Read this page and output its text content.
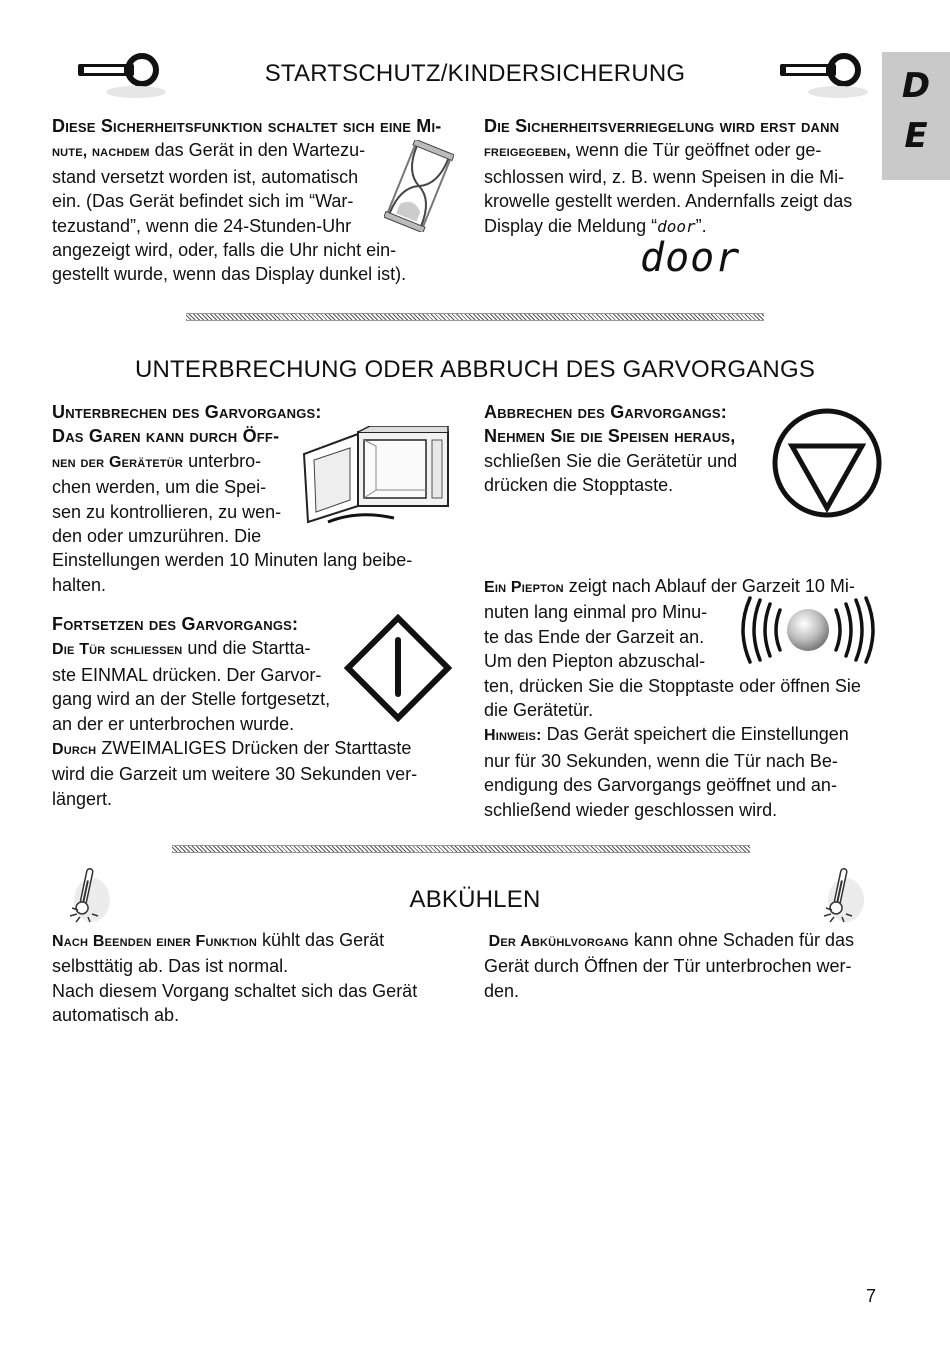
D
E
STARTSCHUTZ/KINDERSICHERUNG
Diese Sicherheitsfunktion schaltet sich eine Mi-
nute, nachdem das Gerät in den Wartezu-
stand versetzt worden ist, automatisch
ein. (Das Gerät befindet sich im “War-
tezustand”, wenn die 24-Stunden-Uhr
angezeigt wird, oder, falls die Uhr nicht ein-
gestellt wurde, wenn das Display dunkel ist).
Die Sicherheitsverriegelung wird erst dann
freigegeben, wenn die Tür geöffnet oder ge-
schlossen wird, z. B. wenn Speisen in die Mi-
krowelle gestellt werden. Andernfalls zeigt das
Display die Meldung “door”.
door
UNTERBRECHUNG ODER ABBRUCH DES GARVORGANGS
Unterbrechen des Garvorgangs:
Das Garen kann durch Öff-
nen der Gerätetür unterbro-
chen werden, um die Spei-
sen zu kontrollieren, zu wen-
den oder umzurühren. Die
Einstellungen werden 10 Minuten lang beibe-
halten.
Fortsetzen des Garvorgangs:
Die Tür schliessen und die Startta-
ste EINMAL drücken. Der Garvor-
gang wird an der Stelle fortgesetzt,
an der er unterbrochen wurde.
Durch ZWEIMALIGES Drücken der Starttaste
wird die Garzeit um weitere 30 Sekunden ver-
längert.
Abbrechen des Garvorgangs:
Nehmen Sie die Speisen heraus,
schließen Sie die Gerätetür und
drücken die Stopptaste.
Ein Piepton zeigt nach Ablauf der Garzeit 10 Mi-
nuten lang einmal pro Minu-
te das Ende der Garzeit an.
Um den Piepton abzuschal-
ten, drücken Sie die Stopptaste oder öffnen Sie
die Gerätetür.
Hinweis: Das Gerät speichert die Einstellungen
nur für 30 Sekunden, wenn die Tür nach Be-
endigung des Garvorgangs geöffnet und an-
schließend wieder geschlossen wird.
ABKÜHLEN
Nach Beenden einer Funktion kühlt das Gerät
selbsttätig ab. Das ist normal.
Nach diesem Vorgang schaltet sich das Gerät
automatisch ab.
Der Abkühlvorgang kann ohne Schaden für das
Gerät durch Öffnen der Tür unterbrochen wer-
den.
7
